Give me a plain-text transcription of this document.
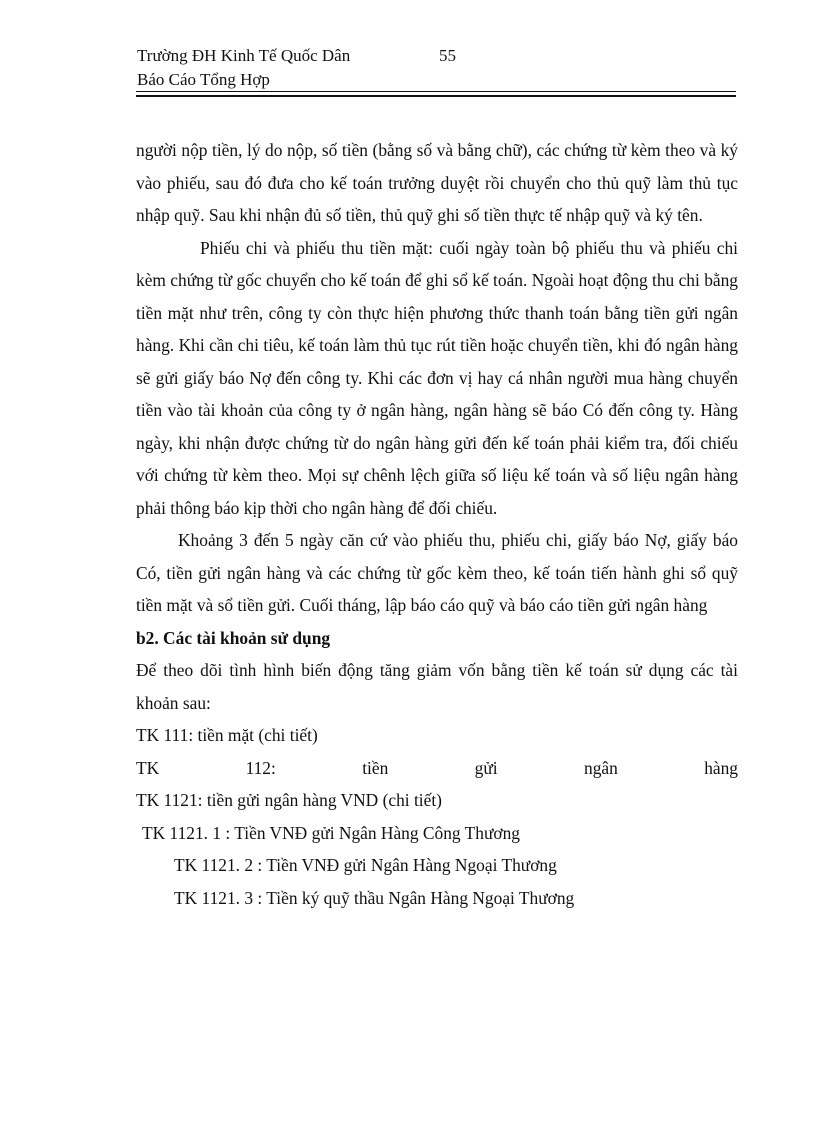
Trường ĐH Kinh Tế Quốc Dân	55
Báo Cáo Tổng Hợp

người nộp tiền, lý do nộp, số tiền (bằng số và bằng chữ), các chứng từ kèm theo và ký vào phiếu, sau đó đưa cho kế toán trưởng duyệt rồi chuyển cho thủ quỹ làm thủ tục nhập quỹ. Sau khi nhận đủ số tiền, thủ quỹ ghi số tiền thực tế nhập quỹ và ký tên.

Phiếu chi và phiếu thu tiền mặt: cuối ngày toàn bộ phiếu thu và phiếu chi kèm chứng từ gốc chuyển cho kế toán để ghi sổ kế toán. Ngoài hoạt động thu chi bằng tiền mặt như trên, công ty còn thực hiện phương thức thanh toán bằng tiền gửi ngân hàng. Khi cần chi tiêu, kế toán làm thủ tục rút tiền hoặc chuyển tiền, khi đó ngân hàng sẽ gửi giấy báo Nợ đến công ty. Khi các đơn vị hay cá nhân người mua hàng chuyển tiền vào tài khoản của công ty ở ngân hàng, ngân hàng sẽ báo Có đến công ty. Hàng ngày, khi nhận được chứng từ do ngân hàng gửi đến kế toán phải kiểm tra, đối chiếu với chứng từ kèm theo. Mọi sự chênh lệch giữa số liệu kế toán và số liệu ngân hàng phải thông báo kịp thời cho ngân hàng để đối chiếu.

Khoảng 3 đến 5 ngày căn cứ vào phiếu thu, phiếu chi, giấy báo Nợ, giấy báo Có, tiền gửi ngân hàng và các chứng từ gốc kèm theo, kế toán tiến hành ghi sổ quỹ tiền mặt và sổ tiền gửi. Cuối tháng, lập báo cáo quỹ và báo cáo tiền gửi ngân hàng

b2. Các tài khoản sử dụng

Để theo dõi tình hình biến động tăng giảm vốn bằng tiền kế toán sử dụng các tài khoản sau:

TK 111: tiền mặt (chi tiết)

TK	112:	tiền	gửi	ngân	hàng

TK 1121: tiền gửi ngân hàng VND (chi tiết)

TK 1121. 1 : Tiền VNĐ gửi Ngân Hàng Công Thương

TK 1121. 2 : Tiền VNĐ gửi Ngân Hàng Ngoại Thương

TK 1121. 3 : Tiền ký quỹ thầu Ngân Hàng Ngoại Thương
